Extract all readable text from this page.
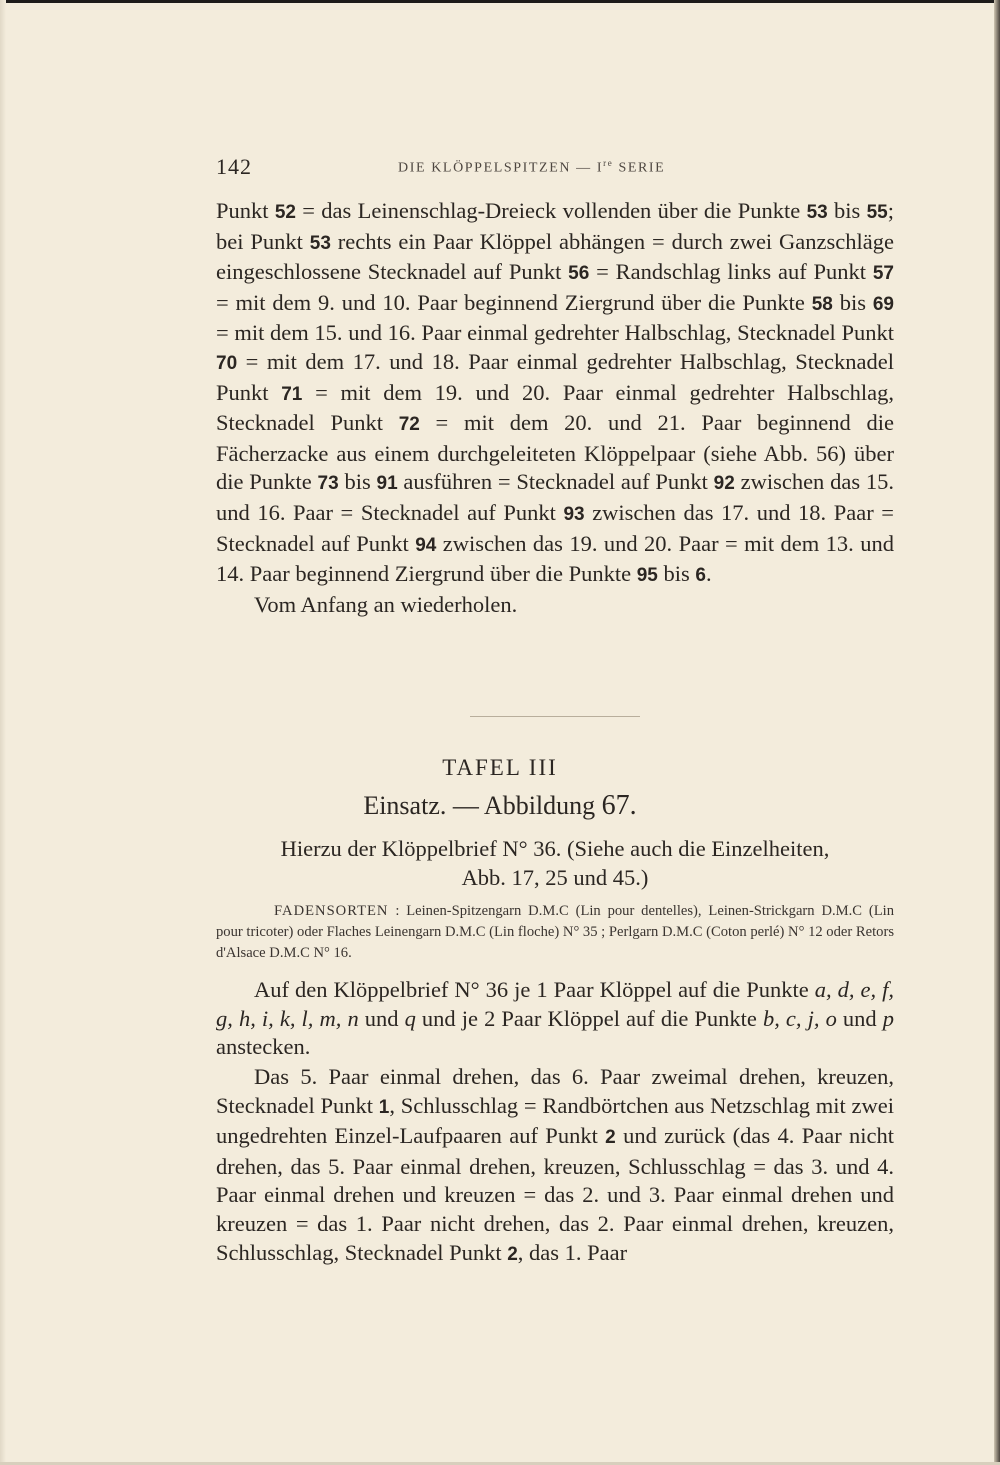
142	DIE KLÖPPELSPITZEN — Ire SERIE

Punkt 52 = das Leinenschlag-Dreieck vollenden über die Punkte 53 bis 55; bei Punkt 53 rechts ein Paar Klöppel abhängen = durch zwei Ganzschläge eingeschlossene Stecknadel auf Punkt 56 = Randschlag links auf Punkt 57 = mit dem 9. und 10. Paar beginnend Ziergrund über die Punkte 58 bis 69 = mit dem 15. und 16. Paar einmal gedrehter Halbschlag, Stecknadel Punkt 70 = mit dem 17. und 18. Paar einmal gedrehter Halbschlag, Stecknadel Punkt 71 = mit dem 19. und 20. Paar einmal gedrehter Halbschlag, Stecknadel Punkt 72 = mit dem 20. und 21. Paar beginnend die Fächerzacke aus einem durchgeleiteten Klöppelpaar (siehe Abb. 56) über die Punkte 73 bis 91 ausführen = Stecknadel auf Punkt 92 zwischen das 15. und 16. Paar = Stecknadel auf Punkt 93 zwischen das 17. und 18. Paar = Stecknadel auf Punkt 94 zwischen das 19. und 20. Paar = mit dem 13. und 14. Paar beginnend Ziergrund über die Punkte 95 bis 6.
Vom Anfang an wiederholen.

TAFEL III
Einsatz. — Abbildung 67.

Hierzu der Klöppelbrief N° 36. (Siehe auch die Einzelheiten,
Abb. 17, 25 und 45.)

FADENSORTEN : Leinen-Spitzengarn D.M.C (Lin pour dentelles), Leinen-Strickgarn D.M.C (Lin pour tricoter) oder Flaches Leinengarn D.M.C (Lin floche) N° 35 ; Perlgarn D.M.C (Coton perlé) N° 12 oder Retors d'Alsace D.M.C N° 16.

Auf den Klöppelbrief N° 36 je 1 Paar Klöppel auf die Punkte a, d, e, f, g, h, i, k, l, m, n und q und je 2 Paar Klöppel auf die Punkte b, c, j, o und p anstecken.

Das 5. Paar einmal drehen, das 6. Paar zweimal drehen, kreuzen, Stecknadel Punkt 1, Schlusschlag = Randbörtchen aus Netzschlag mit zwei ungedrehten Einzel-Laufpaaren auf Punkt 2 und zurück (das 4. Paar nicht drehen, das 5. Paar einmal drehen, kreuzen, Schlusschlag = das 3. und 4. Paar einmal drehen und kreuzen = das 2. und 3. Paar einmal drehen und kreuzen = das 1. Paar nicht drehen, das 2. Paar einmal drehen, kreuzen, Schlusschlag, Stecknadel Punkt 2, das 1. Paar
